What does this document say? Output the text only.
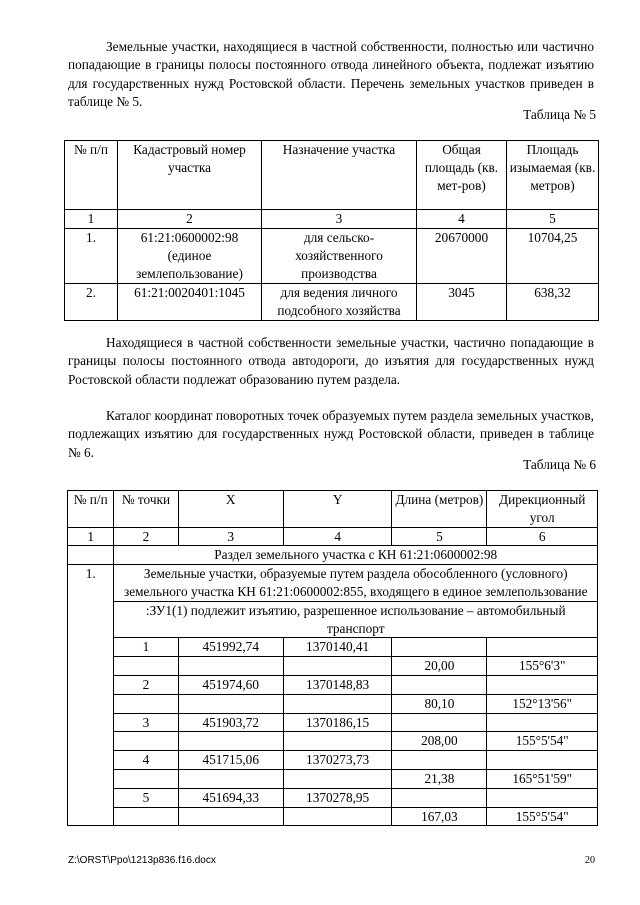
Земельные участки, находящиеся в частной собственности, полностью или частично попадающие в границы полосы постоянного отвода линейного объекта, подлежат изъятию для государственных нужд Ростовской области. Перечень земельных участков приведен в таблице № 5.

Таблица № 5
№ п/п	Кадастровый номер участка	Назначение участка	Общая площадь (кв. мет-ров)	Площадь изымаемая (кв. метров)
1	2	3	4	5
1.	61:21:0600002:98 (единое землепользование)	для сельско-хозяйственного производства	20670000	10704,25
2.	61:21:0020401:1045	для ведения личного подсобного хозяйства	3045	638,32

Находящиеся в частной собственности земельные участки, частично попадающие в границы полосы постоянного отвода автодороги, до изъятия для государственных нужд Ростовской области подлежат образованию путем раздела.

Каталог координат поворотных точек образуемых путем раздела земельных участков, подлежащих изъятию для государственных нужд Ростовской области, приведен в таблице № 6.

Таблица № 6
№ п/п	№ точки	X	Y	Длина (метров)	Дирекционный угол
1	2	3	4	5	6
	Раздел земельного участка с КН 61:21:0600002:98				
1.	Земельные участки, образуемые путем раздела обособленного (условного) земельного участка КН 61:21:0600002:855, входящего в единое землепользование				
	:ЗУ1(1) подлежит изъятию, разрешенное использование – автомобильный транспорт				
	1	451992,74	1370140,41		
				20,00	155°6'3"
	2	451974,60	1370148,83		
				80,10	152°13'56"
	3	451903,72	1370186,15		
				208,00	155°5'54"
	4	451715,06	1370273,73		
				21,38	165°51'59"
	5	451694,33	1370278,95		
				167,03	155°5'54"
Z:\ORST\Ppo\1213p836.f16.docx	20
